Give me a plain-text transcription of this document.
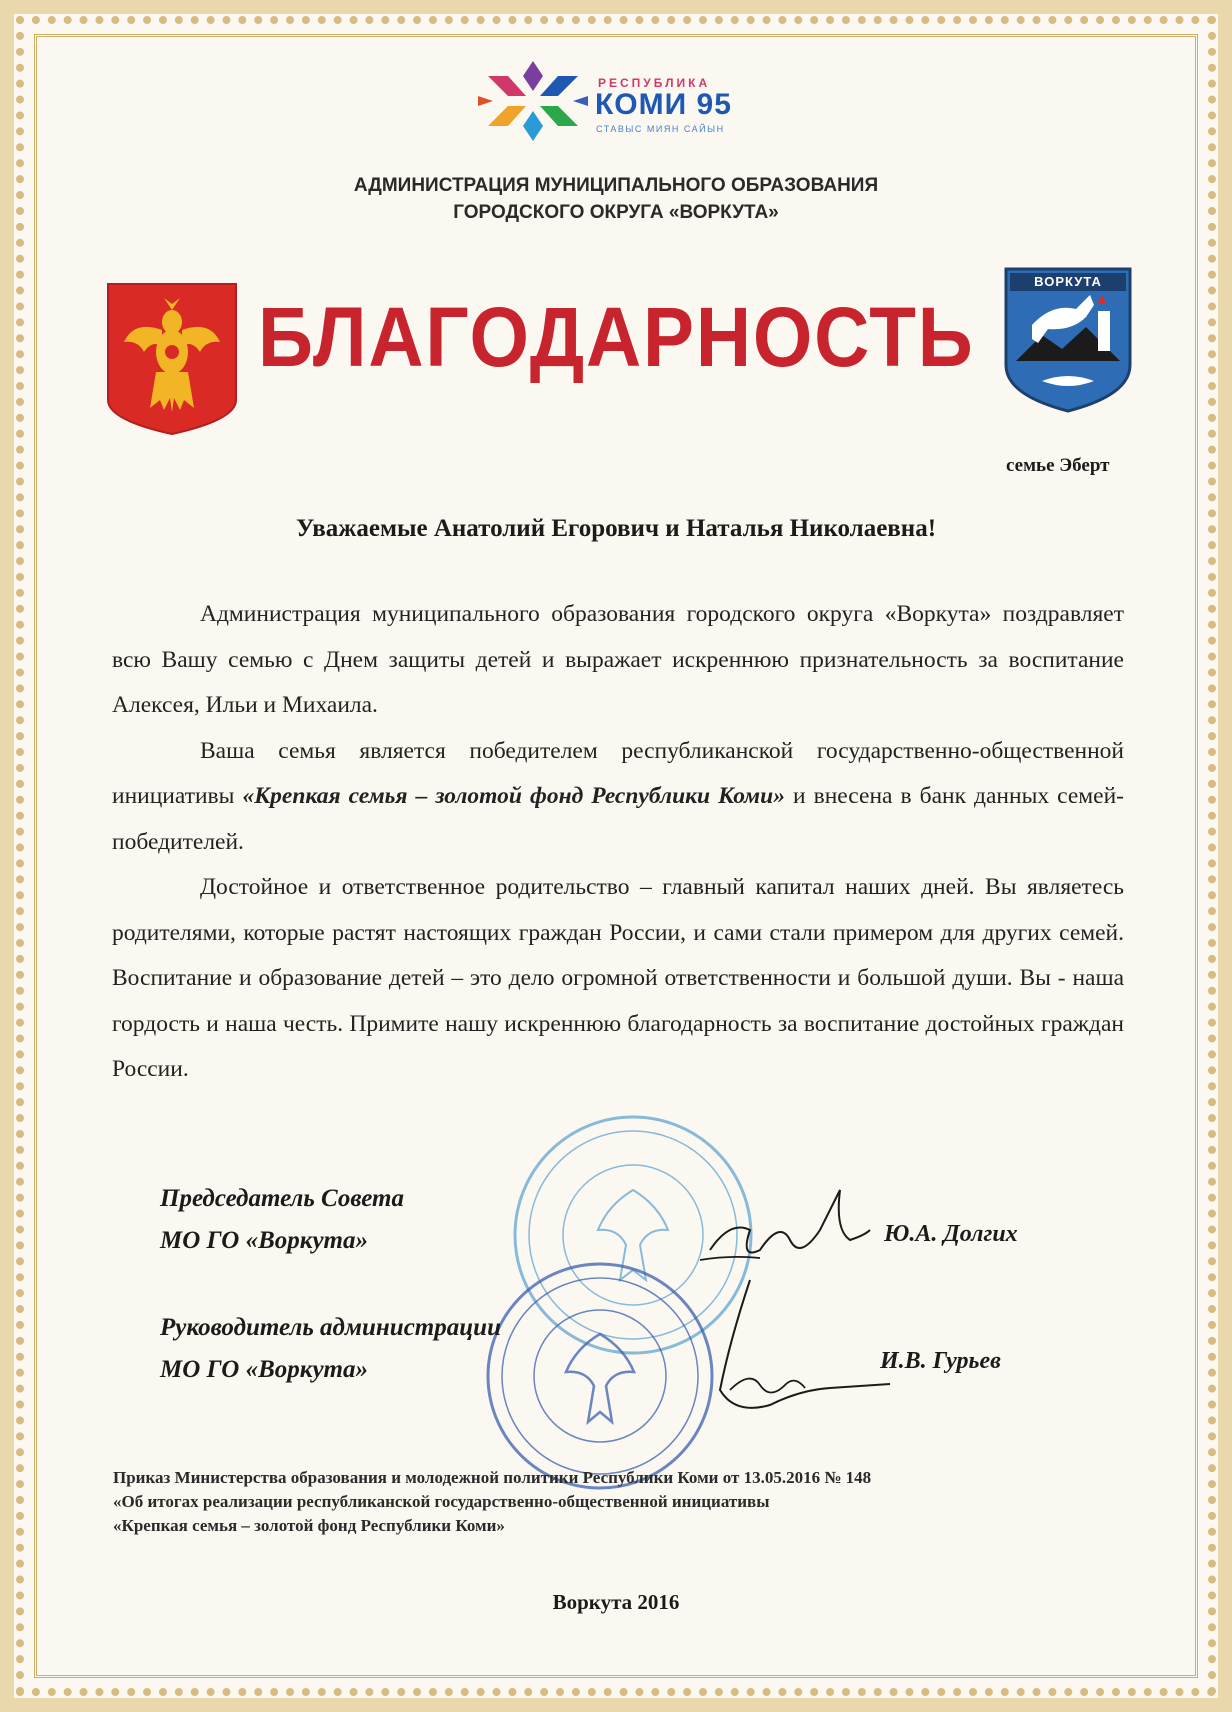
РЕСПУБЛИКА
КОМИ 95
СТАВЫС МИЯН САЙЫН
АДМИНИСТРАЦИЯ МУНИЦИПАЛЬНОГО ОБРАЗОВАНИЯ
ГОРОДСКОГО ОКРУГА «ВОРКУТА»
БЛАГОДАРНОСТЬ
ВОРКУТА
семье Эберт
Уважаемые Анатолий Егорович и Наталья Николаевна!

Администрация муниципального образования городского округа «Воркута» поздравляет всю Вашу семью с Днем защиты детей и выражает искреннюю признательность за воспитание Алексея, Ильи и Михаила.

Ваша семья является победителем республиканской государственно-общественной инициативы «Крепкая семья – золотой фонд Республики Коми» и внесена в банк данных семей-победителей.

Достойное и ответственное родительство – главный капитал наших дней. Вы являетесь родителями, которые растят настоящих граждан России, и сами стали примером для других семей. Воспитание и образование детей – это дело огромной ответственности и большой души. Вы - наша гордость и наша честь. Примите нашу искреннюю благодарность за воспитание достойных граждан России.

Председатель Совета
МО ГО «Воркута»	Ю.А. Долгих
Руководитель администрации
МО ГО «Воркута»	И.В. Гурьев
Приказ Министерства образования и молодежной политики Республики Коми от 13.05.2016 № 148
«Об итогах реализации республиканской государственно-общественной инициативы
«Крепкая семья – золотой фонд Республики Коми»
Воркута 2016
